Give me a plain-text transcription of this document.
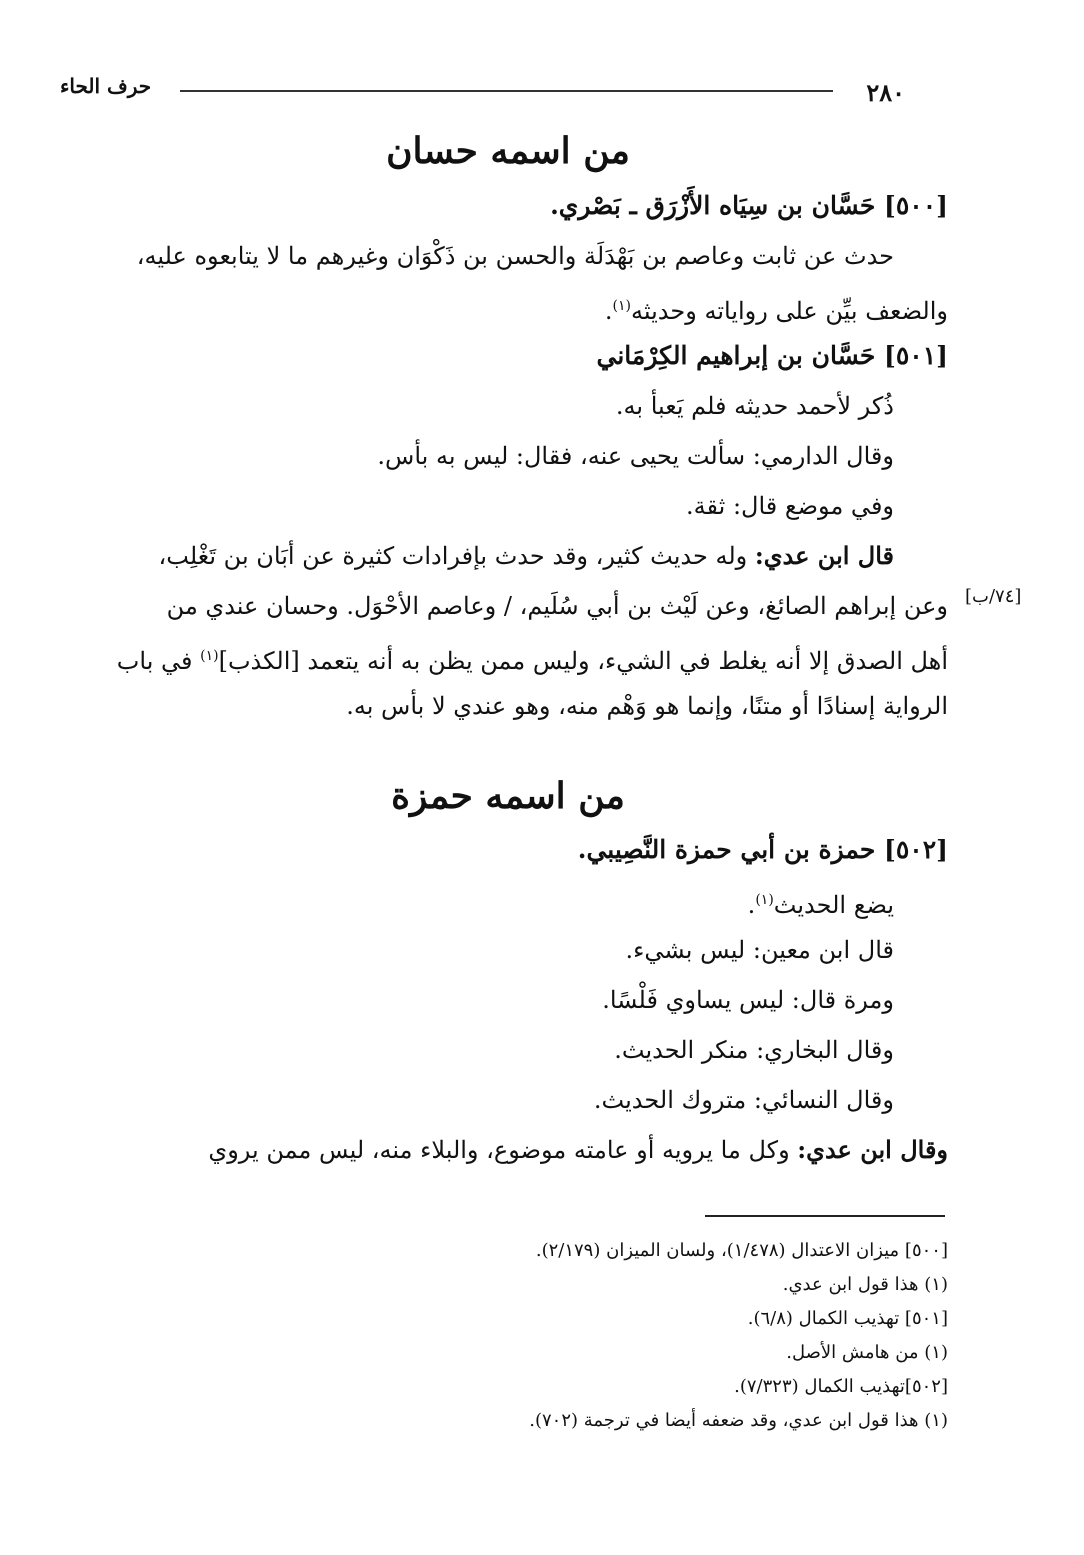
حرف الحاء	٢٨٠
من اسمه حسان
[٥٠٠] حَسَّان بن سِيَاه الأَزْرَق ـ بَصْري.
حدث عن ثابت وعاصم بن بَهْدَلَة والحسن بن ذَكْوَان وغيرهم ما لا يتابعوه عليه،
والضعف بيِّن على رواياته وحديثه$^{(١)}$.
[٥٠١] حَسَّان بن إبراهيم الكِرْمَاني
ذُكر لأحمد حديثه فلم يَعبأ به.
وقال الدارمي: سألت يحيى عنه، فقال: ليس به بأس.
وفي موضع قال: ثقة.
قال ابن عدي: وله حديث كثير، وقد حدث بإفرادات كثيرة عن أبَان بن تَغْلِب،
وعن إبراهم الصائغ، وعن لَيْث بن أبي سُلَيم، / وعاصم الأحْوَل. وحسان عندي من
أهل الصدق إلا أنه يغلط في الشيء، وليس ممن يظن به أنه يتعمد [الكذب]$^{(١)}$ في باب
الرواية إسنادًا أو متنًا، وإنما هو وَهْم منه، وهو عندي لا بأس به.
[٧٤/ب]
من اسمه حمزة
[٥٠٢] حمزة بن أبي حمزة النَّصِيبي.
يضع الحديث$^{(١)}$.
قال ابن معين: ليس بشيء.
ومرة قال: ليس يساوي فَلْسًا.
وقال البخاري: منكر الحديث.
وقال النسائي: متروك الحديث.
وقال ابن عدي: وكل ما يرويه أو عامته موضوع، والبلاء منه، ليس ممن يروي
[٥٠٠] ميزان الاعتدال (١/٤٧٨)، ولسان الميزان (٢/١٧٩).
(١) هذا قول ابن عدي.
[٥٠١] تهذيب الكمال (٦/٨).
(١) من هامش الأصل.
[٥٠٢]تهذيب الكمال (٧/٣٢٣).
(١) هذا قول ابن عدي، وقد ضعفه أيضا في ترجمة (٧٠٢).
